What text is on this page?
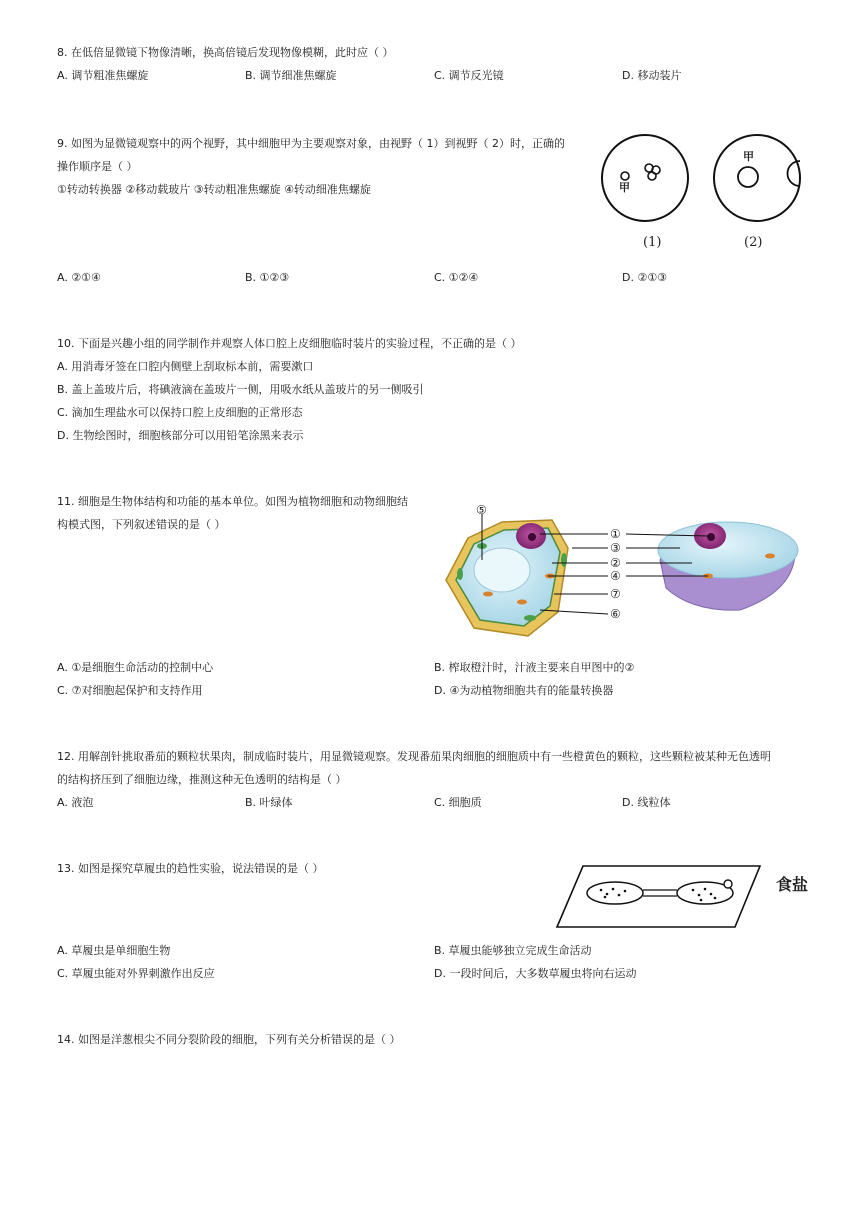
8. 在低倍显微镜下物像清晰，换高倍镜后发现物像模糊，此时应（ ）
A. 调节粗准焦螺旋	B. 调节细准焦螺旋	C. 调节反光镜	D. 移动装片
9. 如图为显微镜观察中的两个视野，其中细胞甲为主要观察对象，由视野（ 1）到视野（ 2）时，正确的
操作顺序是（ ）
①转动转换器 ②移动载玻片 ③转动粗准焦螺旋 ④转动细准焦螺旋	甲
甲
(1)	(2)
A. ②①④	B. ①②③	C. ①②④	D. ②①③
10. 下面是兴趣小组的同学制作并观察人体口腔上皮细胞临时装片的实验过程，不正确的是（ ）
A. 用消毒牙签在口腔内侧壁上刮取标本前，需要漱口
B. 盖上盖玻片后，将碘液滴在盖玻片一侧，用吸水纸从盖玻片的另一侧吸引
C. 滴加生理盐水可以保持口腔上皮细胞的正常形态
D. 生物绘图时，细胞核部分可以用铅笔涂黑来表示
11. 细胞是生物体结构和功能的基本单位。如图为植物细胞和动物细胞结
构模式图，下列叙述错误的是（ ）
⑤
①
③
②
④
⑦
⑥
A. ①是细胞生命活动的控制中心	B. 榨取橙汁时，汁液主要来自甲图中的②
C. ⑦对细胞起保护和支持作用	D. ④为动植物细胞共有的能量转换器
12. 用解剖针挑取番茄的颗粒状果肉，制成临时装片，用显微镜观察。发现番茄果肉细胞的细胞质中有一些橙黄色的颗粒，这些颗粒被某种无色透明
的结构挤压到了细胞边缘，推测这种无色透明的结构是（ ）
A. 液泡	B. 叶绿体	C. 细胞质	D. 线粒体
13. 如图是探究草履虫的趋性实验，说法错误的是（ ）
食盐
A. 草履虫是单细胞生物	B. 草履虫能够独立完成生命活动
C. 草履虫能对外界刺激作出反应	D. 一段时间后，大多数草履虫将向右运动
14. 如图是洋葱根尖不同分裂阶段的细胞，下列有关分析错误的是（ ）
